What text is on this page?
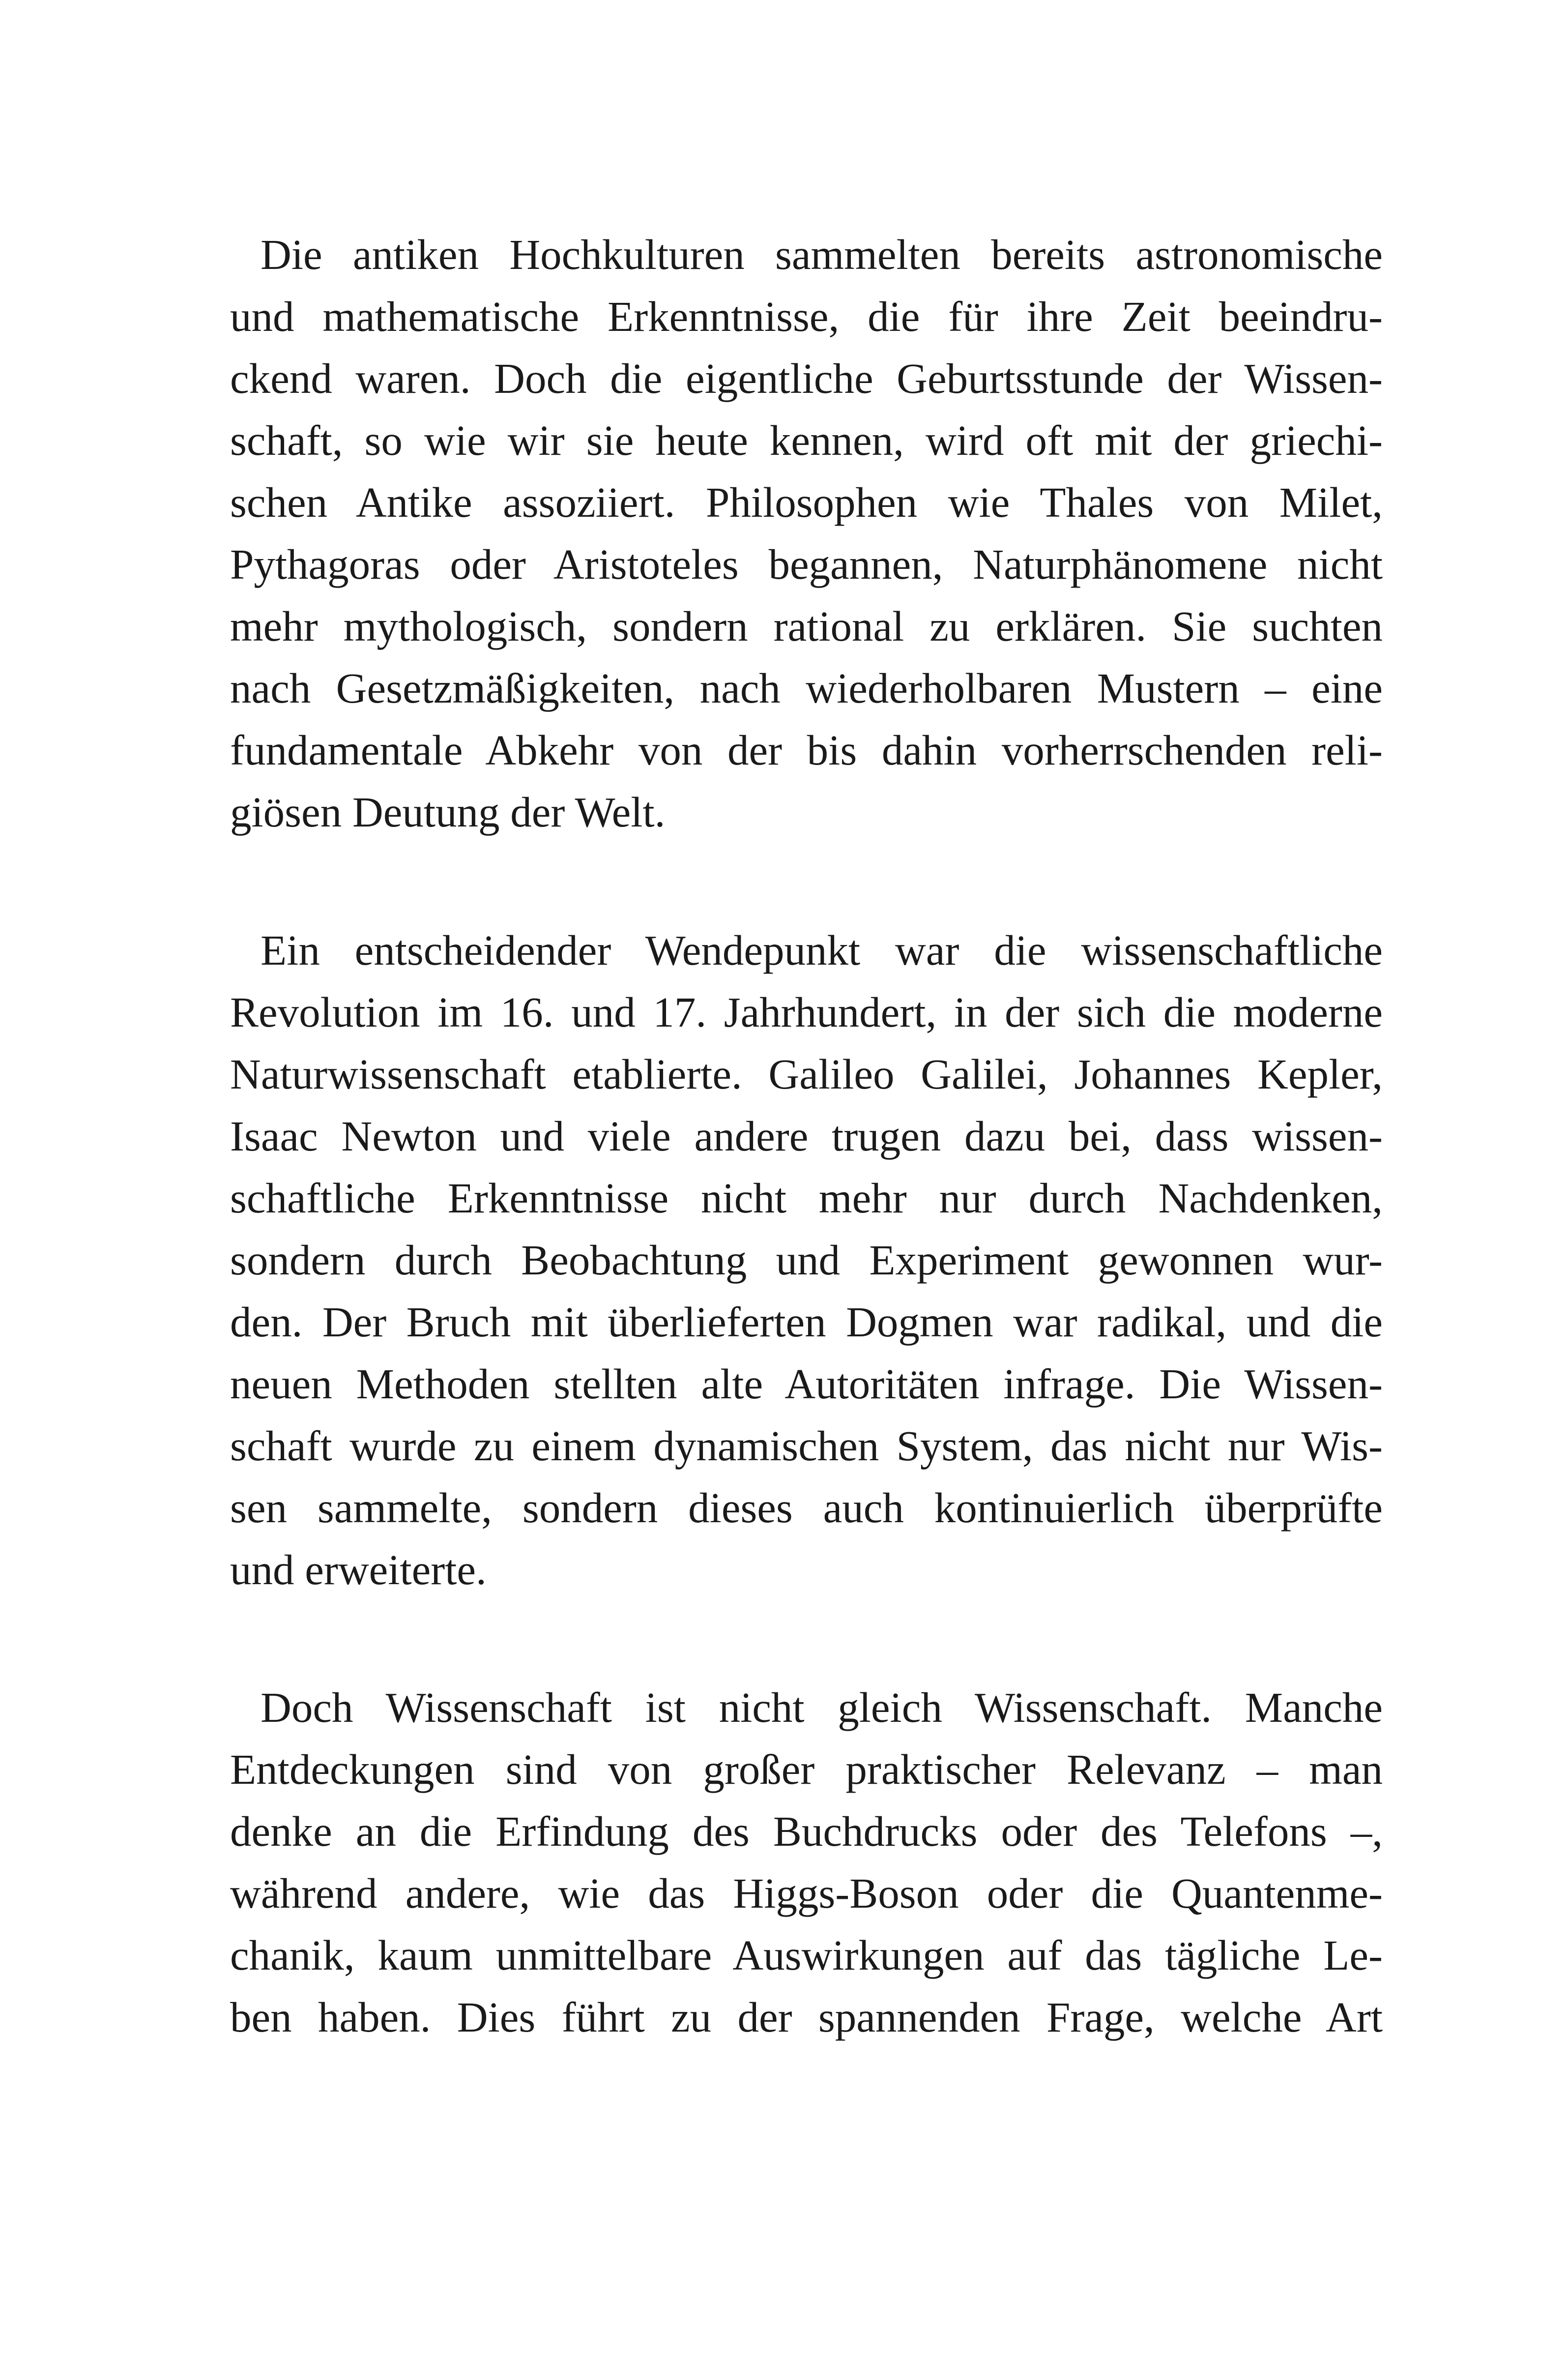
Die antiken Hochkulturen sammelten bereits astronomische
und mathematische Erkenntnisse, die für ihre Zeit beeindru-
ckend waren. Doch die eigentliche Geburtsstunde der Wissen-
schaft, so wie wir sie heute kennen, wird oft mit der griechi-
schen Antike assoziiert. Philosophen wie Thales von Milet,
Pythagoras oder Aristoteles begannen, Naturphänomene nicht
mehr mythologisch, sondern rational zu erklären. Sie suchten
nach Gesetzmäßigkeiten, nach wiederholbaren Mustern – eine
fundamentale Abkehr von der bis dahin vorherrschenden reli-
giösen Deutung der Welt.
Ein entscheidender Wendepunkt war die wissenschaftliche
Revolution im 16. und 17. Jahrhundert, in der sich die moderne
Naturwissenschaft etablierte. Galileo Galilei, Johannes Kepler,
Isaac Newton und viele andere trugen dazu bei, dass wissen-
schaftliche Erkenntnisse nicht mehr nur durch Nachdenken,
sondern durch Beobachtung und Experiment gewonnen wur-
den. Der Bruch mit überlieferten Dogmen war radikal, und die
neuen Methoden stellten alte Autoritäten infrage. Die Wissen-
schaft wurde zu einem dynamischen System, das nicht nur Wis-
sen sammelte, sondern dieses auch kontinuierlich überprüfte
und erweiterte.
Doch Wissenschaft ist nicht gleich Wissenschaft. Manche
Entdeckungen sind von großer praktischer Relevanz – man
denke an die Erfindung des Buchdrucks oder des Telefons –,
während andere, wie das Higgs-Boson oder die Quantenme-
chanik, kaum unmittelbare Auswirkungen auf das tägliche Le-
ben haben. Dies führt zu der spannenden Frage, welche Art
